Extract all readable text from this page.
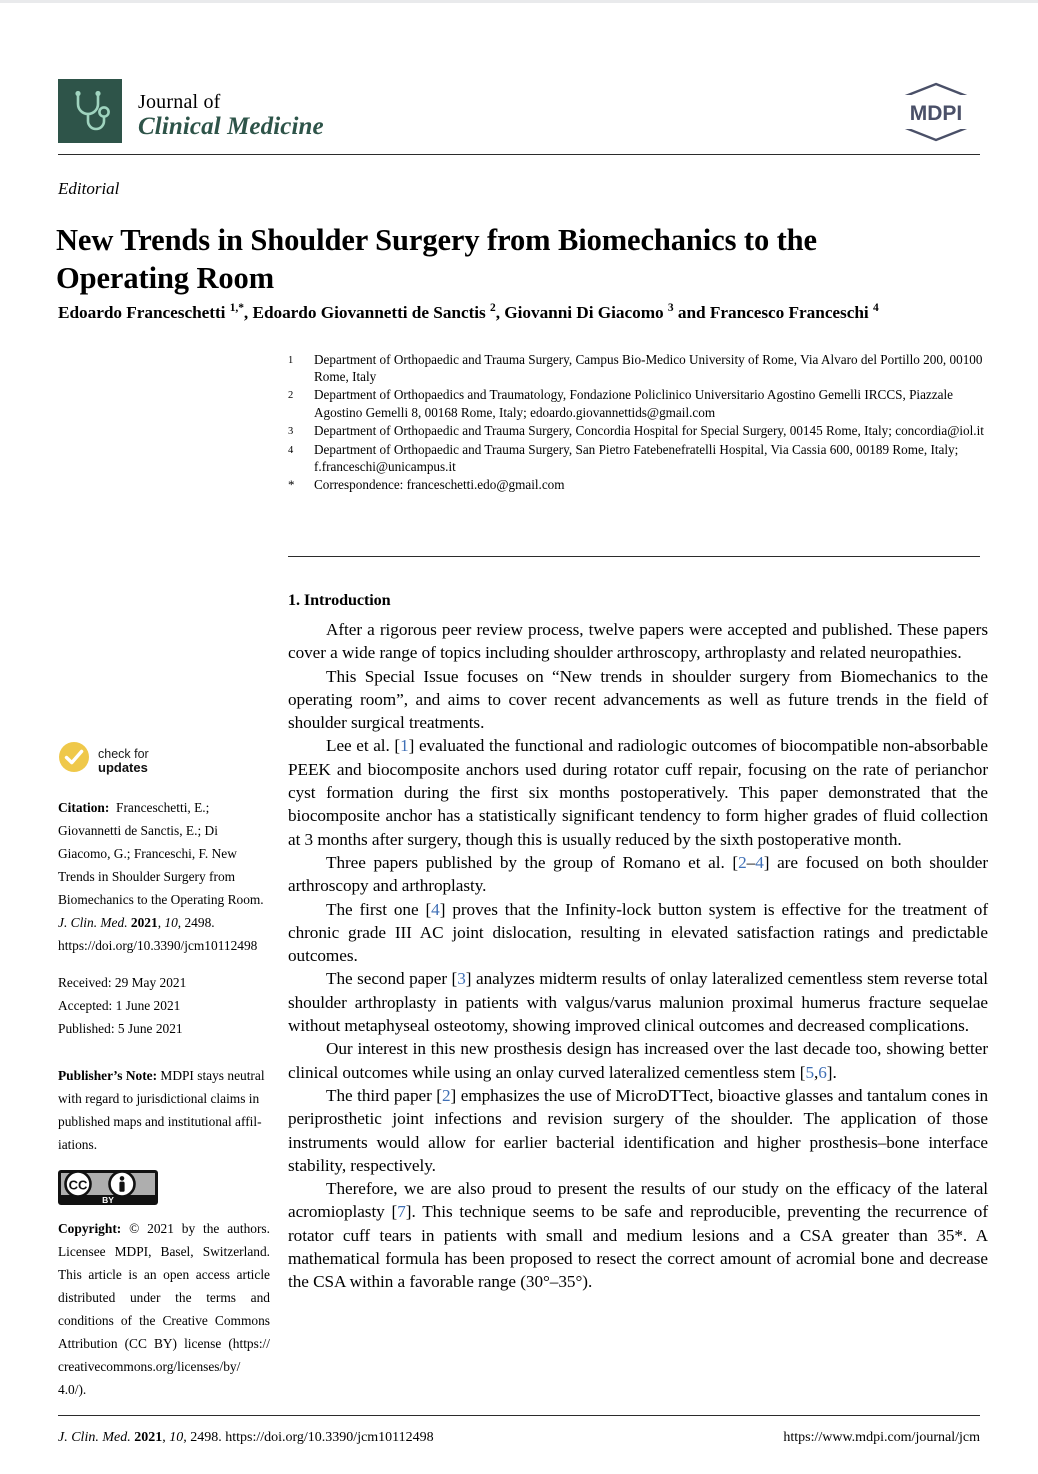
Journal of
Clinical Medicine	MDPI
Editorial
New Trends in Shoulder Surgery from Biomechanics to the Operating Room
Edoardo Franceschetti $^{1,*}$, Edoardo Giovannetti de Sanctis $^2$, Giovanni Di Giacomo $^3$ and Francesco Franceschi $^4$
1	Department of Orthopaedic and Trauma Surgery, Campus Bio-Medico University of Rome, Via Alvaro del Portillo 200, 00100 Rome, Italy
2	Department of Orthopaedics and Traumatology, Fondazione Policlinico Universitario Agostino Gemelli IRCCS, Piazzale Agostino Gemelli 8, 00168 Rome, Italy; edoardo.giovannettids@gmail.com
3	Department of Orthopaedic and Trauma Surgery, Concordia Hospital for Special Surgery, 00145 Rome, Italy; concordia@iol.it
4	Department of Orthopaedic and Trauma Surgery, San Pietro Fatebenefratelli Hospital, Via Cassia 600, 00189 Rome, Italy; f.franceschi@unicampus.it
*	Correspondence: franceschetti.edo@gmail.com
check for
updates
Citation:  Franceschetti, E.; Giovannetti de Sanctis, E.; Di Giacomo, G.; Franceschi, F. New Trends in Shoulder Surgery from Biomechanics to the Operating Room. J. Clin. Med. 2021, 10, 2498. https://doi.org/10.3390/jcm10112498
Received: 29 May 2021
Accepted: 1 June 2021
Published: 5 June 2021
Publisher’s Note: MDPI stays neutral with regard to jurisdictional claims in published maps and institutional affil-iations.
CC
BY
Copyright: © 2021 by the authors. Licensee MDPI, Basel, Switzerland. This article is an open access article distributed under the terms and conditions of the Creative Commons Attribution (CC BY) license (https:// creativecommons.org/licenses/by/ 4.0/).
1. Introduction

After a rigorous peer review process, twelve papers were accepted and published. These papers cover a wide range of topics including shoulder arthroscopy, arthroplasty and related neuropathies.

This Special Issue focuses on “New trends in shoulder surgery from Biomechanics to the operating room”, and aims to cover recent advancements as well as future trends in the field of shoulder surgical treatments.

Lee et al. [1] evaluated the functional and radiologic outcomes of biocompatible non-absorbable PEEK and biocomposite anchors used during rotator cuff repair, focusing on the rate of perianchor cyst formation during the first six months postoperatively. This paper demonstrated that the biocomposite anchor has a statistically significant tendency to form higher grades of fluid collection at 3 months after surgery, though this is usually reduced by the sixth postoperative month.

Three papers published by the group of Romano et al. [2–4] are focused on both shoulder arthroscopy and arthroplasty.

The first one [4] proves that the Infinity-lock button system is effective for the treatment of chronic grade III AC joint dislocation, resulting in elevated satisfaction ratings and predictable outcomes.

The second paper [3] analyzes midterm results of onlay lateralized cementless stem reverse total shoulder arthroplasty in patients with valgus/varus malunion proximal humerus fracture sequelae without metaphyseal osteotomy, showing improved clinical outcomes and decreased complications.

Our interest in this new prosthesis design has increased over the last decade too, showing better clinical outcomes while using an onlay curved lateralized cementless stem [5,6].

The third paper [2] emphasizes the use of MicroDTTect, bioactive glasses and tantalum cones in periprosthetic joint infections and revision surgery of the shoulder. The application of those instruments would allow for earlier bacterial identification and higher prosthesis–bone interface stability, respectively.

Therefore, we are also proud to present the results of our study on the efficacy of the lateral acromioplasty [7]. This technique seems to be safe and reproducible, preventing the recurrence of rotator cuff tears in patients with small and medium lesions and a CSA greater than 35*. A mathematical formula has been proposed to resect the correct amount of acromial bone and decrease the CSA within a favorable range (30°–35°).

J. Clin. Med. 2021, 10, 2498. https://doi.org/10.3390/jcm10112498	https://www.mdpi.com/journal/jcm
